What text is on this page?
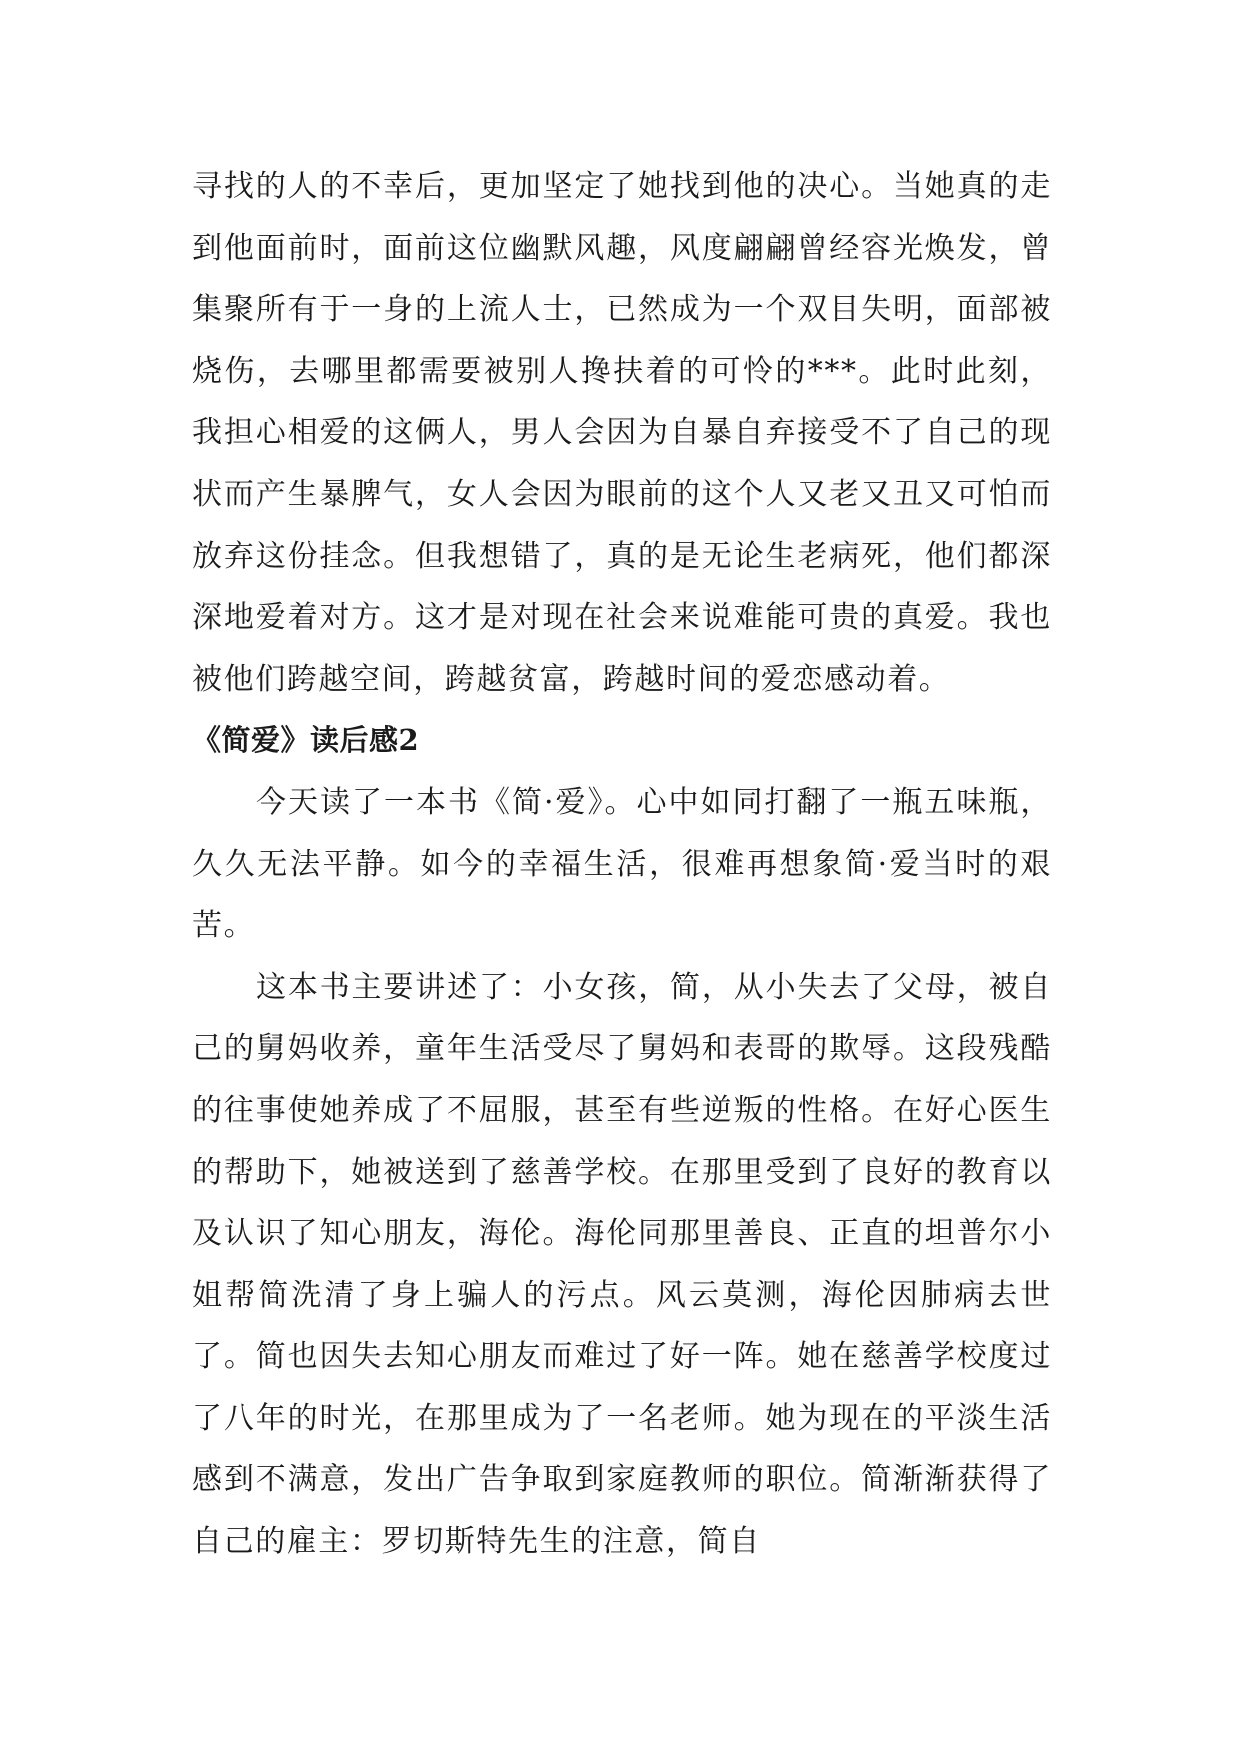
寻找的人的不幸后，更加坚定了她找到他的决心。当她真的走到他面前时，面前这位幽默风趣，风度翩翩曾经容光焕发，曾集聚所有于一身的上流人士，已然成为一个双目失明，面部被烧伤，去哪里都需要被别人搀扶着的可怜的***。此时此刻，我担心相爱的这俩人，男人会因为自暴自弃接受不了自己的现状而产生暴脾气，女人会因为眼前的这个人又老又丑又可怕而放弃这份挂念。但我想错了，真的是无论生老病死，他们都深深地爱着对方。这才是对现在社会来说难能可贵的真爱。我也被他们跨越空间，跨越贫富，跨越时间的爱恋感动着。

《简爱》读后感2

今天读了一本书《简·爱》。心中如同打翻了一瓶五味瓶，久久无法平静。如今的幸福生活，很难再想象简·爱当时的艰苦。

这本书主要讲述了：小女孩，简，从小失去了父母，被自己的舅妈收养，童年生活受尽了舅妈和表哥的欺辱。这段残酷的往事使她养成了不屈服，甚至有些逆叛的性格。在好心医生的帮助下，她被送到了慈善学校。在那里受到了良好的教育以及认识了知心朋友，海伦。海伦同那里善良、正直的坦普尔小姐帮简洗清了身上骗人的污点。风云莫测，海伦因肺病去世了。简也因失去知心朋友而难过了好一阵。她在慈善学校度过了八年的时光，在那里成为了一名老师。她为现在的平淡生活感到不满意，发出广告争取到家庭教师的职位。简渐渐获得了自己的雇主：罗切斯特先生的注意，简自
